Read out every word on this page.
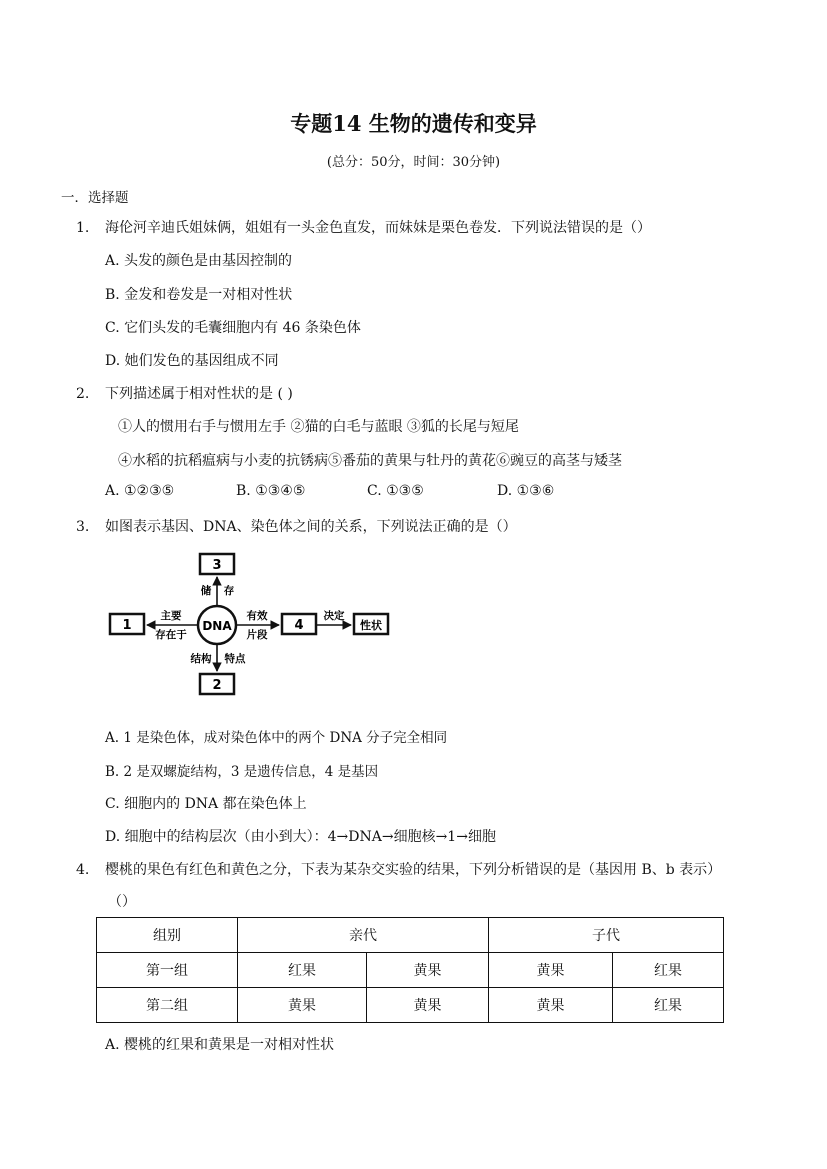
专题14 生物的遗传和变异
(总分：50分，时间：30分钟)
一．选择题
1. 海伦河辛迪氏姐妹俩，姐姐有一头金色直发，而妹妹是栗色卷发．下列说法错误的是（）
A. 头发的颜色是由基因控制的
B. 金发和卷发是一对相对性状
C. 它们头发的毛囊细胞内有 46 条染色体
D. 她们发色的基因组成不同
2. 下列描述属于相对性状的是 ( )
①人的惯用右手与惯用左手 ②猫的白毛与蓝眼 ③狐的长尾与短尾
④水稻的抗稻瘟病与小麦的抗锈病⑤番茄的黄果与牡丹的黄花⑥豌豆的高茎与矮茎
A. ①②③⑤	B. ①③④⑤	C. ①③⑤	D. ①③⑥
3. 如图表示基因、DNA、染色体之间的关系，下列说法正确的是（）
3
1	DNA	4	性状
2
储 存
主要
存在于
有效
片段
决定
结构 特点
A. 1 是染色体，成对染色体中的两个 DNA 分子完全相同
B. 2 是双螺旋结构，3 是遗传信息，4 是基因
C. 细胞内的 DNA 都在染色体上
D. 细胞中的结构层次（由小到大）：4→DNA→细胞核→1→细胞
4. 樱桃的果色有红色和黄色之分，下表为某杂交实验的结果，下列分析错误的是（基因用 B、b 表示）
（）
组别	亲代		子代	
第一组	红果	黄果	黄果	红果
第二组	黄果	黄果	黄果	红果
A. 樱桃的红果和黄果是一对相对性状
